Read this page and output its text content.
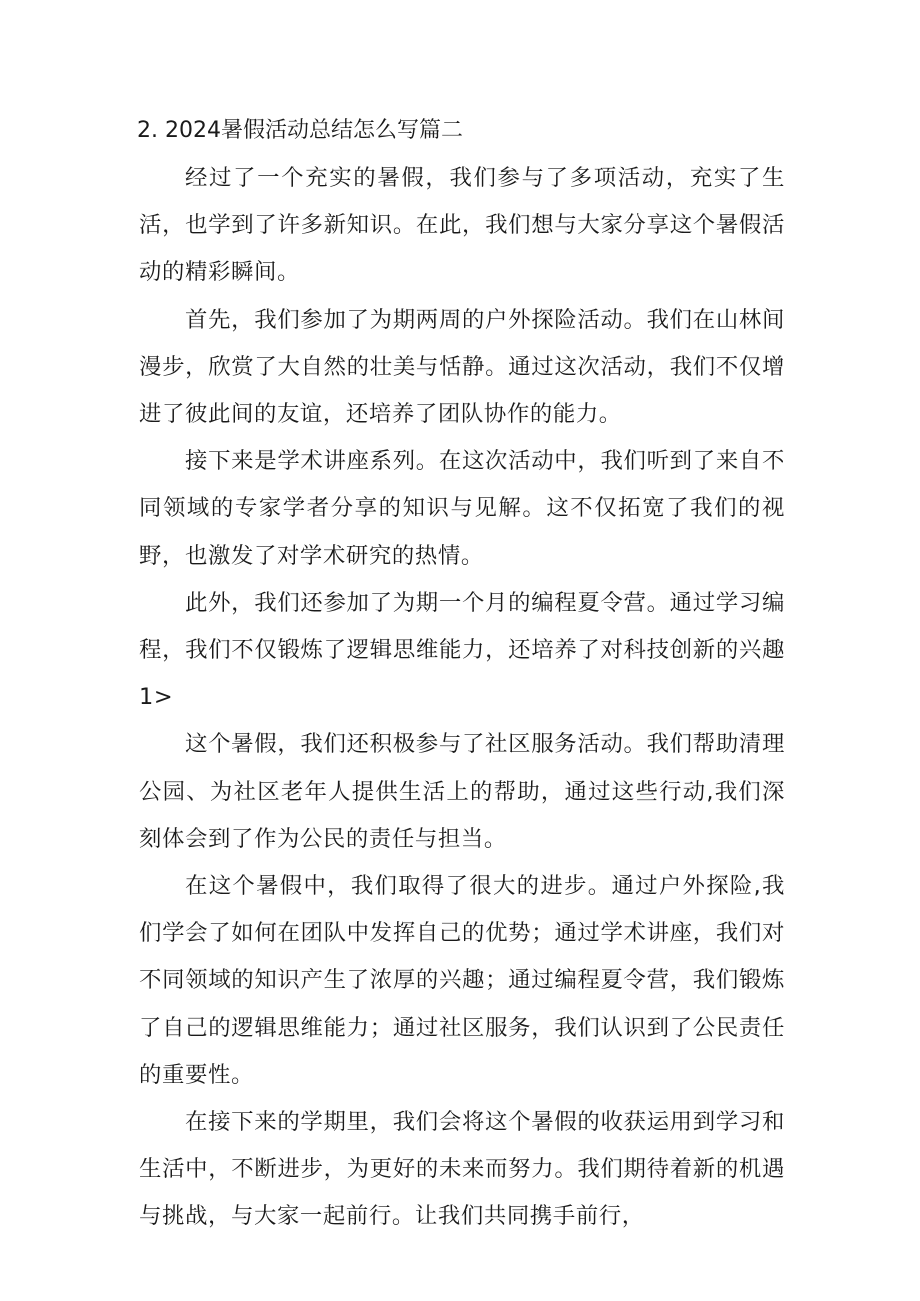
2. 2024暑假活动总结怎么写篇二

经过了一个充实的暑假，我们参与了多项活动，充实了生活，也学到了许多新知识。在此，我们想与大家分享这个暑假活动的精彩瞬间。

首先，我们参加了为期两周的户外探险活动。我们在山林间漫步，欣赏了大自然的壮美与恬静。通过这次活动，我们不仅增进了彼此间的友谊，还培养了团队协作的能力。

接下来是学术讲座系列。在这次活动中，我们听到了来自不同领域的专家学者分享的知识与见解。这不仅拓宽了我们的视野，也激发了对学术研究的热情。

此外，我们还参加了为期一个月的编程夏令营。通过学习编程，我们不仅锻炼了逻辑思维能力，还培养了对科技创新的兴趣1>

这个暑假，我们还积极参与了社区服务活动。我们帮助清理公园、为社区老年人提供生活上的帮助，通过这些行动,我们深刻体会到了作为公民的责任与担当。

在这个暑假中，我们取得了很大的进步。通过户外探险,我们学会了如何在团队中发挥自己的优势；通过学术讲座，我们对不同领域的知识产生了浓厚的兴趣；通过编程夏令营，我们锻炼了自己的逻辑思维能力；通过社区服务，我们认识到了公民责任的重要性。

在接下来的学期里，我们会将这个暑假的收获运用到学习和生活中，不断进步，为更好的未来而努力。我们期待着新的机遇与挑战，与大家一起前行。让我们共同携手前行，
